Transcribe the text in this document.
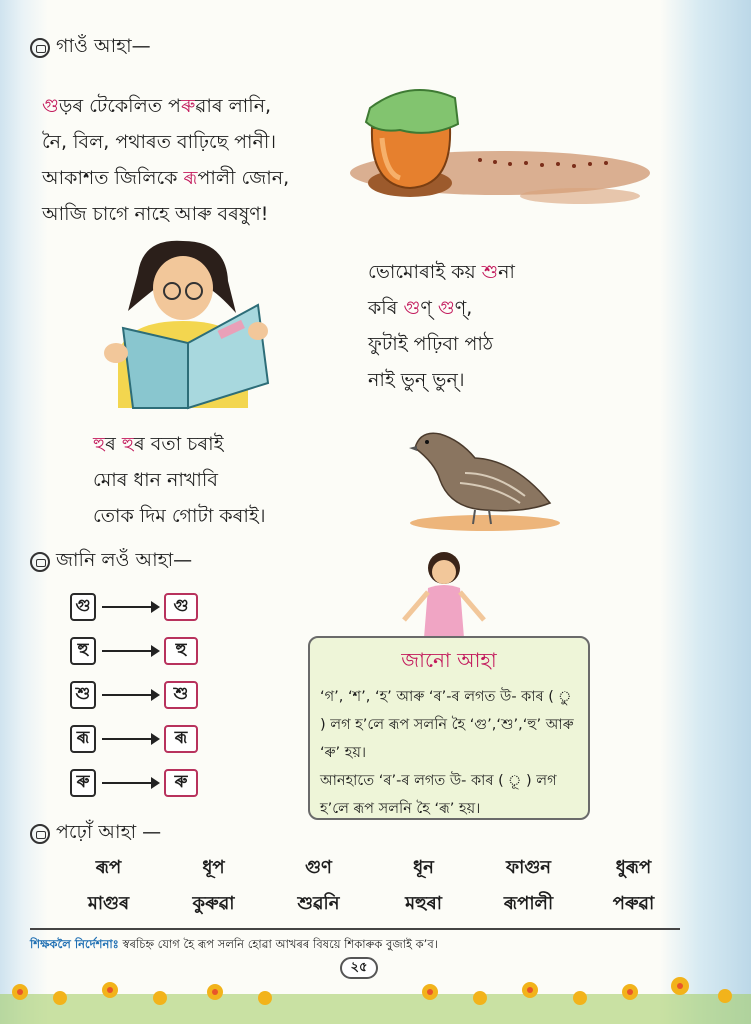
গাওঁ আহা—
গুড়ৰ টেকেলিত পৰুৱাৰ লানি,
নৈ, বিল, পথাৰত বাঢ়িছে পানী।
আকাশত জিলিকে ৰূপালী জোন,
আজি চাগে নাহে আৰু বৰষুণ!
ভোমোৰাই কয় শুনা
কৰি গুণ্ গুণ্,
ফুটাই পঢ়িবা পাঠ
নাই ভুন্ ভুন্।
হুৰ হুৰ বতা চৰাই
মোৰ ধান নাখাবি
তোক দিম গোটা কৰাই।
জানি লওঁ আহা—
গু	গু
হু	হু
শু	শু
ৰূ	ৰূ
ৰু	ৰু
জানো আহা

‘গ’, ‘শ’, ‘হ’ আৰু ‘ৰ’-ৰ লগত উ- কাৰ ( ু ) লগ হ’লে ৰূপ সলনি হৈ ‘গু’,‘শু’,‘হু’ আৰু ‘ৰু’ হয়।

আনহাতে ‘ৰ’-ৰ লগত উ- কাৰ ( ূ ) লগ হ’লে ৰূপ সলনি হৈ ‘ৰূ’ হয়।

পঢ়োঁ আহা —
ৰূপ	ধূপ	গুণ	ধূন	ফাগুন	ধুৰূপ
মাগুৰ	কুৰুৱা	শুৱনি	মহুৰা	ৰূপালী	পৰুৱা
শিক্ষকলৈ নিৰ্দেশনাঃ স্বৰচিহ্ন যোগ হৈ ৰূপ সলনি হোৱা আখৰৰ বিষয়ে শিকাৰুক বুজাই ক’ব।
২৫
